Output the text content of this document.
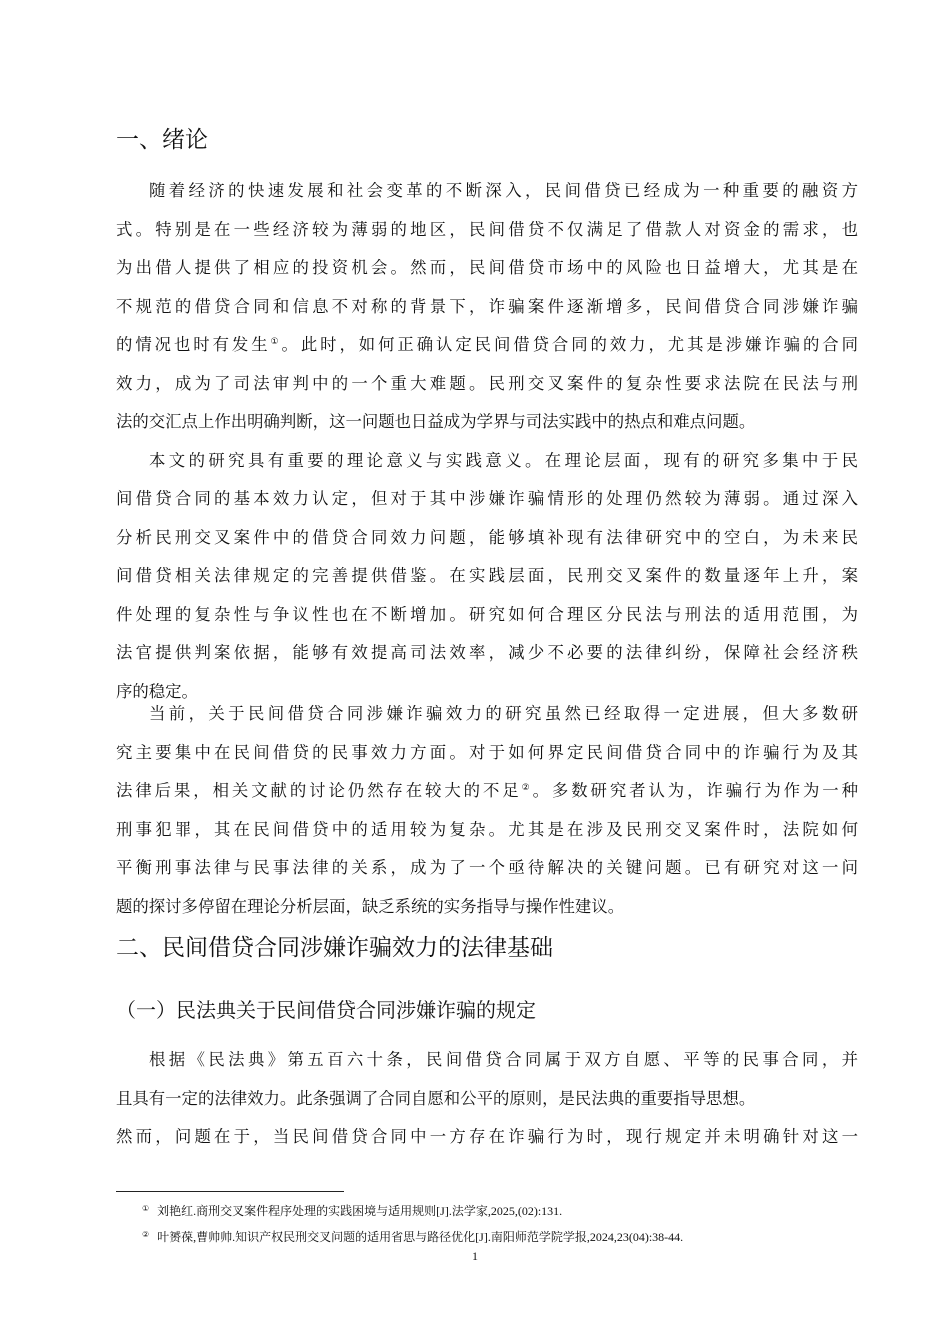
一、绪论
随着经济的快速发展和社会变革的不断深入，民间借贷已经成为一种重要的融资方
式。特别是在一些经济较为薄弱的地区，民间借贷不仅满足了借款人对资金的需求，也
为出借人提供了相应的投资机会。然而，民间借贷市场中的风险也日益增大，尤其是在
不规范的借贷合同和信息不对称的背景下，诈骗案件逐渐增多，民间借贷合同涉嫌诈骗
的情况也时有发生①。此时，如何正确认定民间借贷合同的效力，尤其是涉嫌诈骗的合同
效力，成为了司法审判中的一个重大难题。民刑交叉案件的复杂性要求法院在民法与刑
法的交汇点上作出明确判断，这一问题也日益成为学界与司法实践中的热点和难点问题。
本文的研究具有重要的理论意义与实践意义。在理论层面，现有的研究多集中于民
间借贷合同的基本效力认定，但对于其中涉嫌诈骗情形的处理仍然较为薄弱。通过深入
分析民刑交叉案件中的借贷合同效力问题，能够填补现有法律研究中的空白，为未来民
间借贷相关法律规定的完善提供借鉴。在实践层面，民刑交叉案件的数量逐年上升，案
件处理的复杂性与争议性也在不断增加。研究如何合理区分民法与刑法的适用范围，为
法官提供判案依据，能够有效提高司法效率，减少不必要的法律纠纷，保障社会经济秩
序的稳定。
当前，关于民间借贷合同涉嫌诈骗效力的研究虽然已经取得一定进展，但大多数研
究主要集中在民间借贷的民事效力方面。对于如何界定民间借贷合同中的诈骗行为及其
法律后果，相关文献的讨论仍然存在较大的不足②。多数研究者认为，诈骗行为作为一种
刑事犯罪，其在民间借贷中的适用较为复杂。尤其是在涉及民刑交叉案件时，法院如何
平衡刑事法律与民事法律的关系，成为了一个亟待解决的关键问题。已有研究对这一问
题的探讨多停留在理论分析层面，缺乏系统的实务指导与操作性建议。
二、民间借贷合同涉嫌诈骗效力的法律基础
（一）民法典关于民间借贷合同涉嫌诈骗的规定
根据《民法典》第五百六十条，民间借贷合同属于双方自愿、平等的民事合同，并
且具有一定的法律效力。此条强调了合同自愿和公平的原则，是民法典的重要指导思想。
然而，问题在于，当民间借贷合同中一方存在诈骗行为时，现行规定并未明确针对这一
① 刘艳红.商刑交叉案件程序处理的实践困境与适用规则[J].法学家,2025,(02):131.
② 叶赟葆,曹帅帅.知识产权民刑交叉问题的适用省思与路径优化[J].南阳师范学院学报,2024,23(04):38-44.
1
